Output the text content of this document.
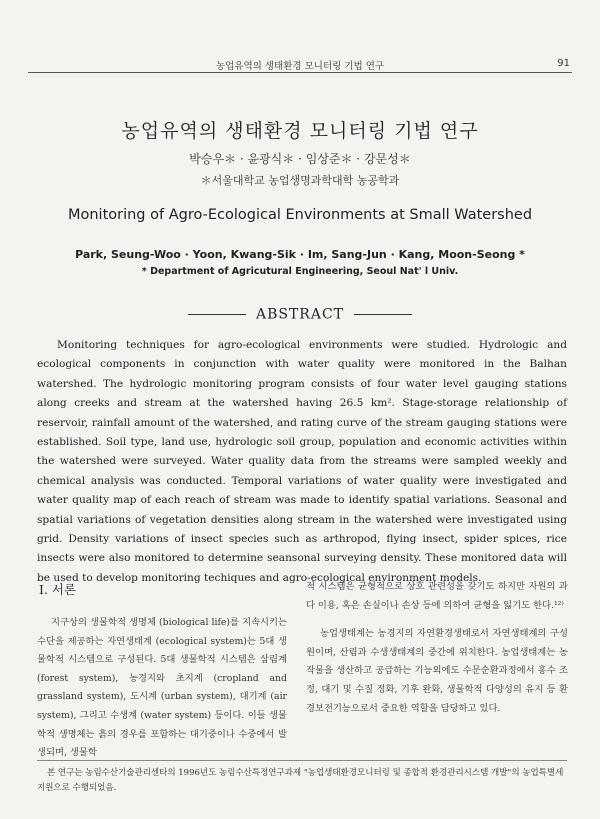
농업유역의 생태환경 모니터링 기법 연구	91
농업유역의 생태환경 모니터링 기법 연구
박승우＊ · 윤광식＊ · 임상준＊ · 강문성＊
＊서울대학교 농업생명과학대학 농공학과
Monitoring of Agro-Ecological Environments at Small Watershed
Park, Seung-Woo · Yoon, Kwang-Sik · Im, Sang-Jun · Kang, Moon-Seong *
* Department of Agricutural Engineering, Seoul Nat' l Univ.
ABSTRACT

Monitoring techniques for agro-ecological environments were studied. Hydrologic and ecological components in conjunction with water quality were monitored in the Balhan watershed. The hydrologic monitoring program consists of four water level gauging stations along creeks and stream at the watershed having 26.5 km². Stage-storage relationship of reservoir, rainfall amount of the watershed, and rating curve of the stream gauging stations were established. Soil type, land use, hydrologic soil group, population and economic activities within the watershed were surveyed. Water quality data from the streams were sampled weekly and chemical analysis was conducted. Temporal variations of water quality were investigated and water quality map of each reach of stream was made to identify spatial variations. Seasonal and spatial variations of vegetation densities along stream in the watershed were investigated using grid. Density variations of insect species such as arthropod, flying insect, spider spices, rice insects were also monitored to determine seansonal surveying density. These monitored data will be used to develop monitoring techiques and agro-ecological environment models.

Ⅰ. 서론

지구상의 생물학적 생명체 (biological life)를 지속시키는 수단을 제공하는 자연생태계 (ecological system)는 5대 생물학적 시스템으로 구성된다. 5대 생물학적 시스템은 삼림계 (forest system), 농경지와 초지계 (cropland and grassland system), 도시계 (urban system), 대기계 (air system), 그리고 수생계 (water system) 등이다. 이들 생물학적 생명체는 흙의 경우를 포함하는 대기중이나 수중에서 발생되며, 생물학

적 시스템은 균형적으로 상호 관련성을 갖기도 하지만 자원의 과다 이용, 혹은 손실이나 손상 등에 의하여 균형을 잃기도 한다.¹²⁾

농업생태계는 농경지의 자연환경생태로서 자연생태계의 구성원이며, 산림과 수생생태계의 중간에 위치한다. 농업생태계는 농작물을 생산하고 공급하는 기능외에도 수문순환과정에서 홍수 조정, 대기 및 수질 정화, 기후 완화, 생물학적 다양성의 유지 등 환경보전기능으로서 중요한 역할을 담당하고 있다.

본 연구는 농림수산기술관리센타의 1996년도 농림수산특정연구과제 "농업생태환경모니터링 및 종합적 환경관리시스템 개발"의 농업특별세 지원으로 수행되었음.
